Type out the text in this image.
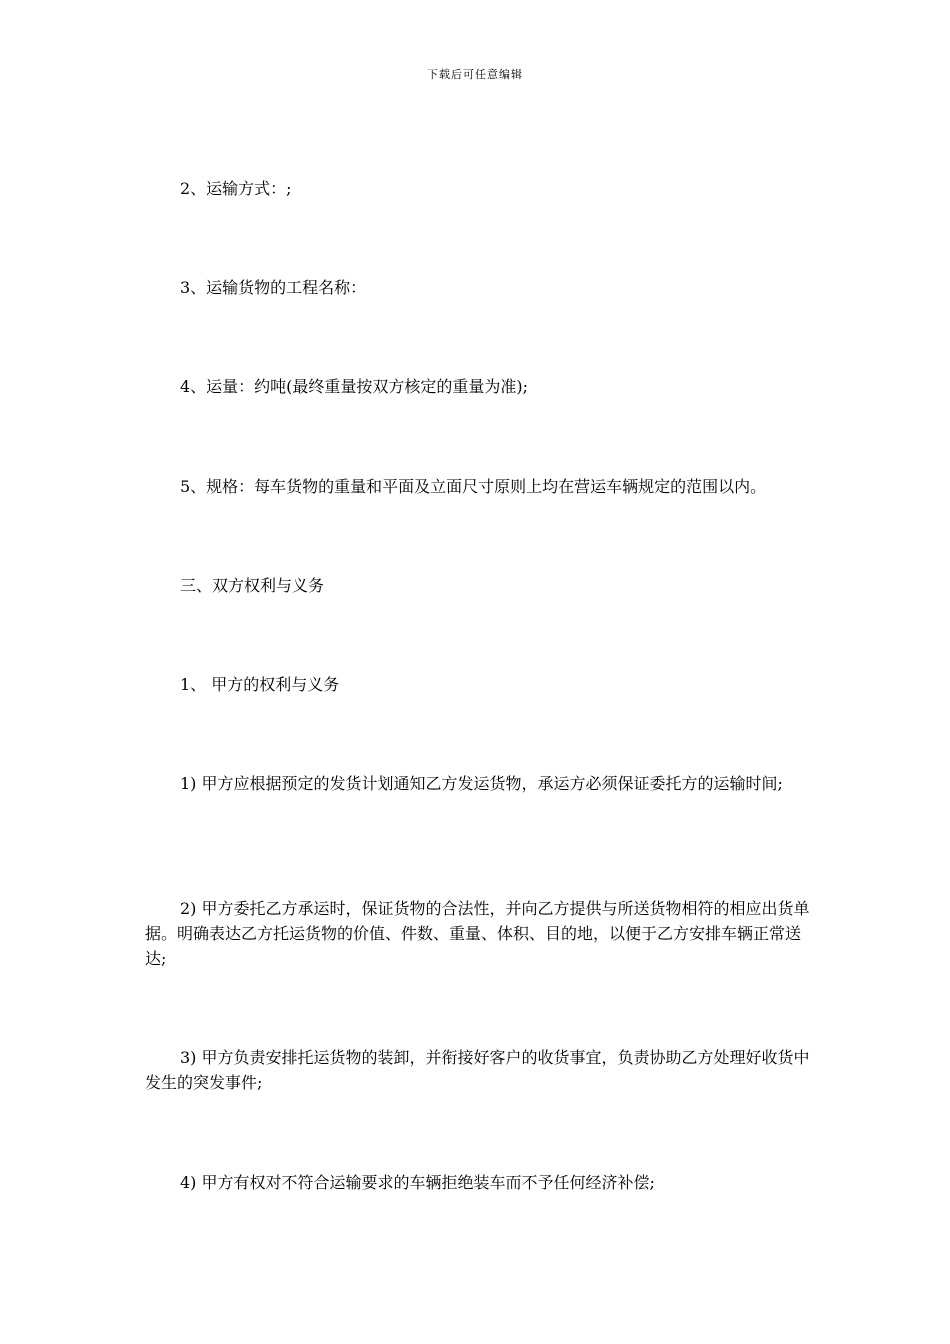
下载后可任意编辑
2、运输方式：;
3、运输货物的工程名称：
4、运量：约吨(最终重量按双方核定的重量为准);
5、规格：每车货物的重量和平面及立面尺寸原则上均在营运车辆规定的范围以内。
三、双方权利与义务
1、 甲方的权利与义务
1) 甲方应根据预定的发货计划通知乙方发运货物，承运方必须保证委托方的运输时间;
2) 甲方委托乙方承运时，保证货物的合法性，并向乙方提供与所送货物相符的相应出货单据。明确表达乙方托运货物的价值、件数、重量、体积、目的地，以便于乙方安排车辆正常送达;
3) 甲方负责安排托运货物的装卸，并衔接好客户的收货事宜，负责协助乙方处理好收货中发生的突发事件;
4) 甲方有权对不符合运输要求的车辆拒绝装车而不予任何经济补偿;
